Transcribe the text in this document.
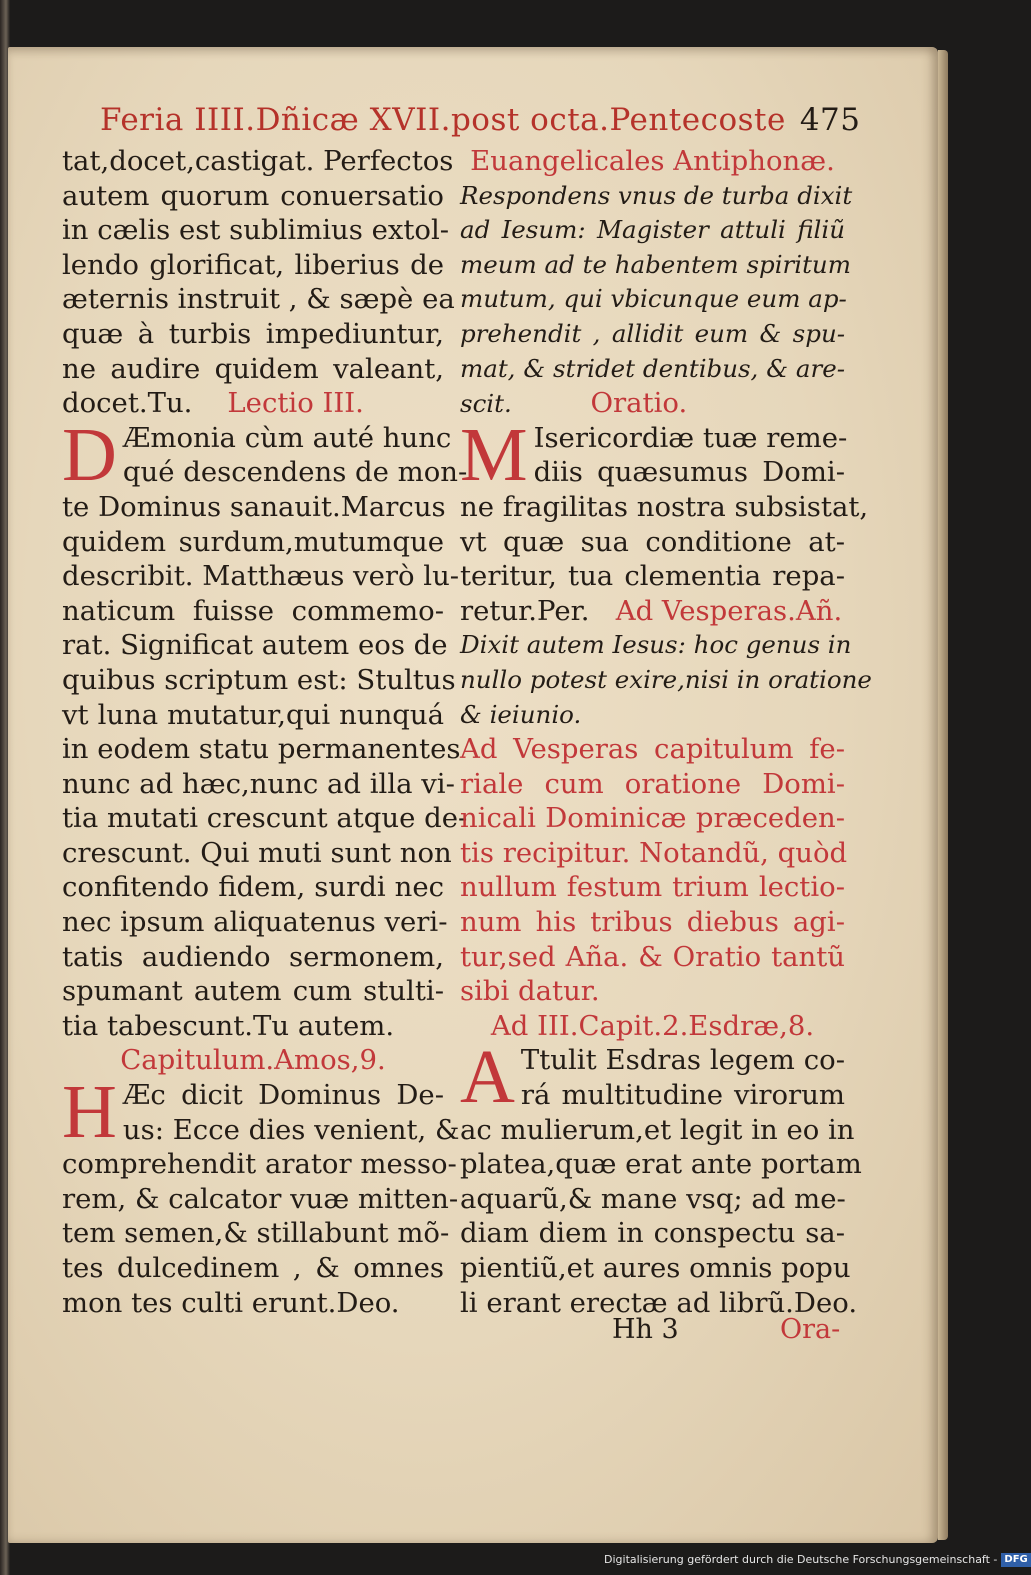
Feria IIII.Dñicæ XVII.post octa.Pentecoste 475
tat,docet,castigat. Perfectos
autem quorum conuersatio
in cælis est sublimius extol-
lendo glorificat, liberius de
æternis instruit , & sæpè ea
quæ à turbis impediuntur,
ne audire quidem valeant,
docet.Tu. Lectio III.
D Æmonia cùm auté hunc
qué descendens de mon-
te Dominus sanauit.Marcus
quidem surdum,mutumque
describit. Matthæus verò lu-
naticum fuisse commemo-
rat. Significat autem eos de
quibus scriptum est: Stultus
vt luna mutatur,qui nunquá
in eodem statu permanentes
nunc ad hæc,nunc ad illa vi-
tia mutati crescunt atque de-
crescunt. Qui muti sunt non
confitendo fidem, surdi nec
nec ipsum aliquatenus veri-
tatis audiendo sermonem,
spumant autem cum stulti-
tia tabescunt.Tu autem.
Capitulum.Amos,9.
H Æc dicit Dominus De-
us: Ecce dies venient, &
comprehendit arator messo-
rem, & calcator vuæ mitten-
tem semen,& stillabunt mõ-
tes dulcedinem , & omnes
mon tes culti erunt.Deo.
Euangelicales Antiphonæ.
Respondens vnus de turba dixit
ad Iesum: Magister attuli filiũ
meum ad te habentem spiritum
mutum, qui vbicunque eum ap-
prehendit , allidit eum & spu-
mat, & stridet dentibus, & are-
scit.	Oratio.
M Isericordiæ tuæ reme-
diis quæsumus Domi-
ne fragilitas nostra subsistat,
vt quæ sua conditione at-
teritur, tua clementia repa-
retur.Per. Ad Vesperas.Añ.
Dixit autem Iesus: hoc genus in
nullo potest exire,nisi in oratione
& ieiunio.
Ad Vesperas capitulum fe-
riale cum oratione Domi-
nicali Dominicæ præceden-
tis recipitur. Notandũ, quòd
nullum festum trium lectio-
num his tribus diebus agi-
tur,sed Aña. & Oratio tantũ
sibi datur.
Ad III.Capit.2.Esdræ,8.
A Ttulit Esdras legem co-
rá multitudine virorum
ac mulierum,et legit in eo in
platea,quæ erat ante portam
aquarũ,& mane vsq; ad me-
diam diem in conspectu sa-
pientiũ,et aures omnis popu
li erant erectæ ad librũ.Deo.
Hh 3	Ora-
Digitalisierung gefördert durch die Deutsche Forschungsgemeinschaft - DFG
